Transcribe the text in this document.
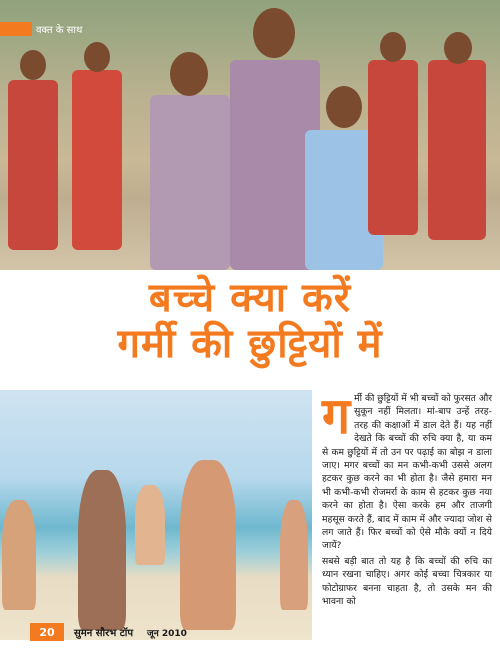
वक्त के साथ
बच्चे क्या करें
गर्मी की छुट्टियों में
ग र्मी की छुट्टियों में भी बच्चों को फुरसत और सुकून नहीं मिलता। मां-बाप उन्हें तरह-तरह की कक्षाओं में डाल देते हैं। यह नहीं देखते कि बच्चों की रुचि क्या है, या कम से कम छुट्टियों में तो उन पर पढ़ाई का बोझ न डाला जाए। मगर बच्चों का मन कभी-कभी उससे अलग हटकर कुछ करने का भी होता है। जैसे हमारा मन भी कभी-कभी रोजमर्रा के काम से हटकर कुछ नया करने का होता है। ऐसा करके हम और ताजगी महसूस करते हैं, बाद में काम में और ज्यादा जोश से लग जाते हैं। फिर बच्चों को ऐसे मौके क्यों न दिये जायें?

सबसे बड़ी बात तो यह है कि बच्चों की रुचि का ध्यान रखना चाहिए। अगर कोई बच्चा चित्रकार या फोटोग्राफर बनना चाहता है, तो उसके मन की भावना को

20	सुमन सौरभ टॉप जून 2010
